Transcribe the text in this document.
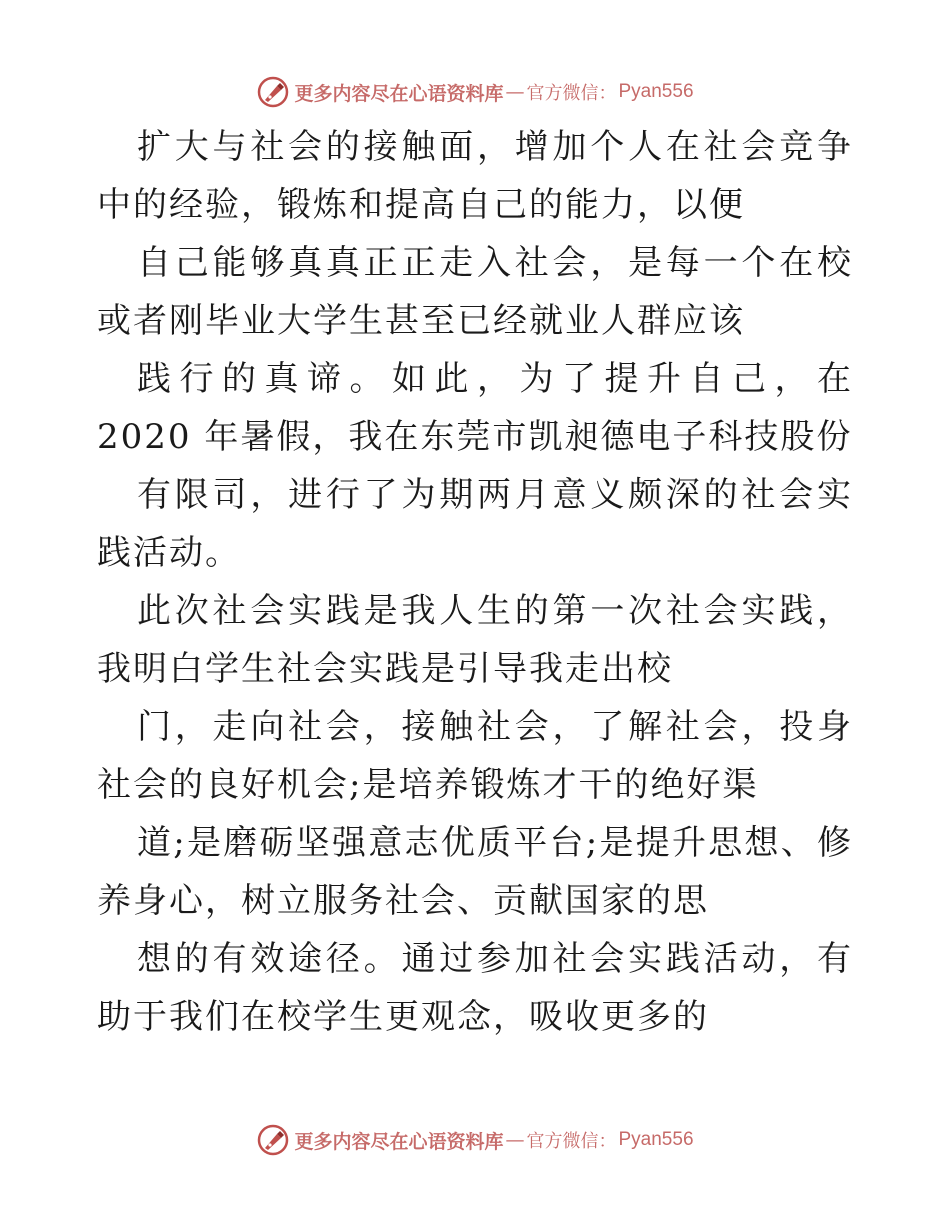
更多内容尽在心语资料库 — 官方微信： Pyan556

扩大与社会的接触面，增加个人在社会竞争中的经验，锻炼和提高自己的能力，以便

自己能够真真正正走入社会，是每一个在校或者刚毕业大学生甚至已经就业人群应该

践行的真谛。如此，为了提升自己，在 2020 年暑假，我在东莞市凯昶德电子科技股份

有限司，进行了为期两月意义颇深的社会实践活动。

此次社会实践是我人生的第一次社会实践，我明白学生社会实践是引导我走出校

门，走向社会，接触社会，了解社会，投身社会的良好机会;是培养锻炼才干的绝好渠

道;是磨砺坚强意志优质平台;是提升思想、修养身心，树立服务社会、贡献国家的思

想的有效途径。通过参加社会实践活动，有助于我们在校学生更观念，吸收更多的

更多内容尽在心语资料库 — 官方微信： Pyan556
